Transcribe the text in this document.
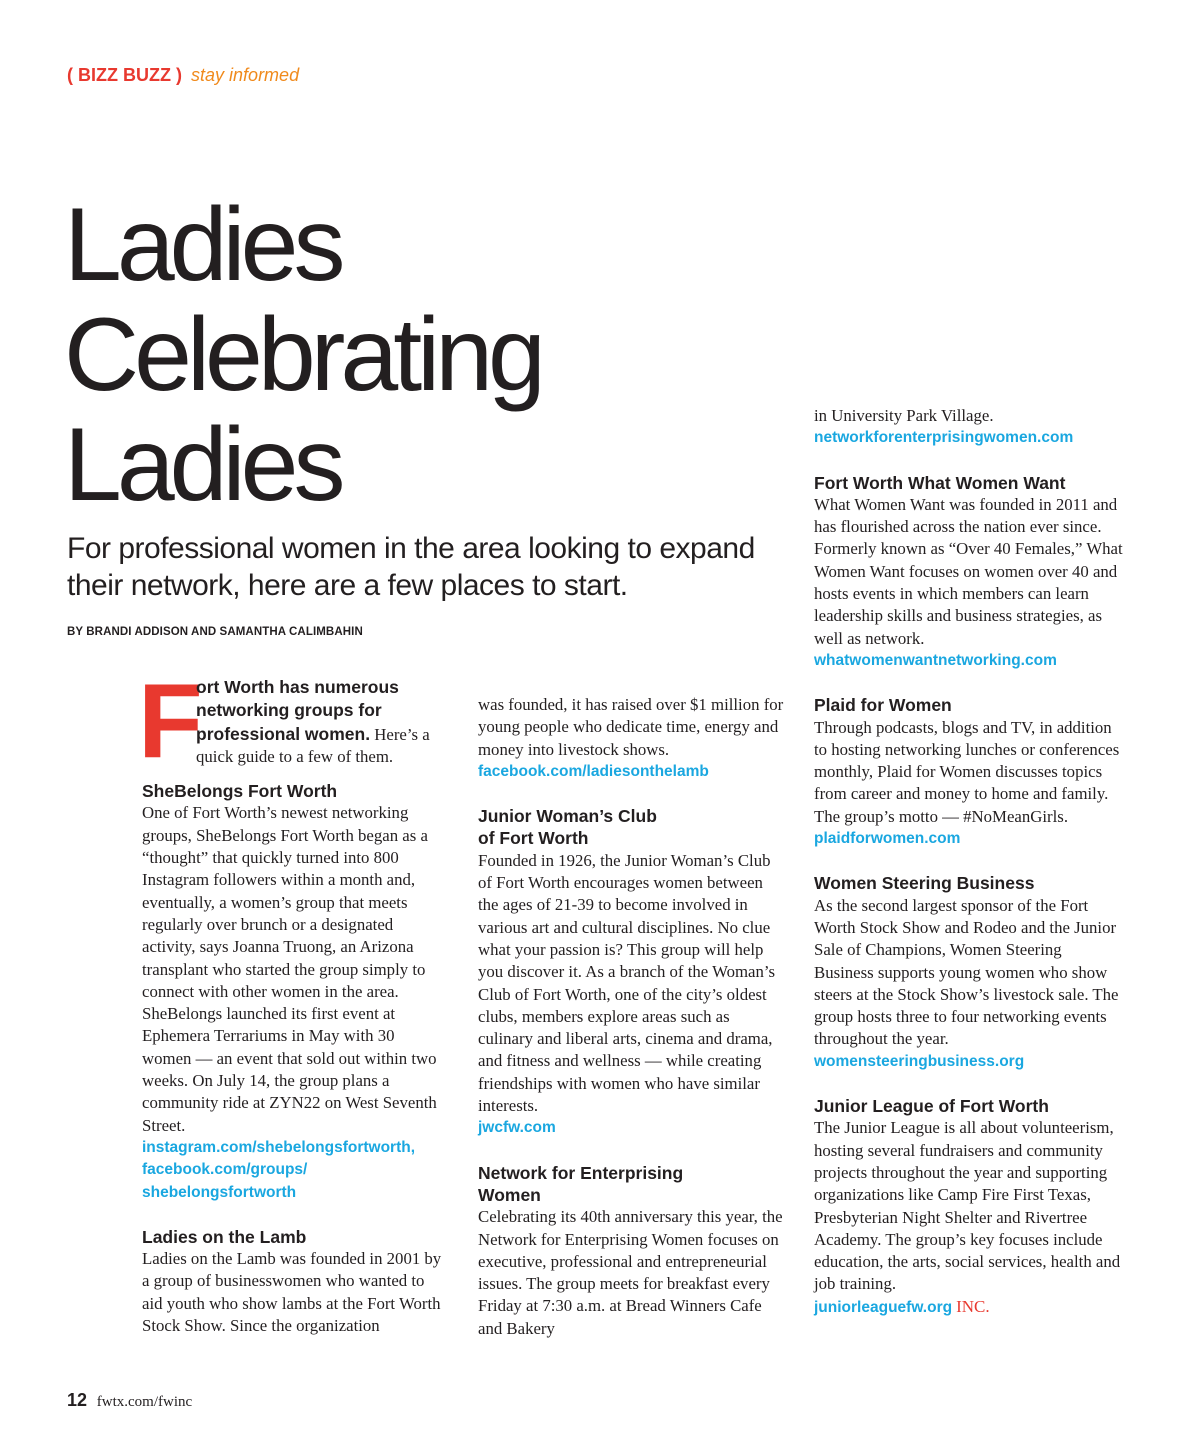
( BIZZ BUZZ ) stay informed
Ladies
Celebrating
Ladies
For professional women in the area looking to expand their network, here are a few places to start.
BY BRANDI ADDISON AND SAMANTHA CALIMBAHIN
F
ort Worth has numerous networking groups for professional women. Here’s a quick guide to a few of them.
SheBelongs Fort Worth

One of Fort Worth’s newest networking groups, SheBelongs Fort Worth began as a “thought” that quickly turned into 800 Instagram followers within a month and, eventually, a women’s group that meets regularly over brunch or a designated activity, says Joanna Truong, an Arizona transplant who started the group simply to connect with other women in the area. SheBelongs launched its first event at Ephemera Terrariums in May with 30 women — an event that sold out within two weeks. On July 14, the group plans a community ride at ZYN22 on West Seventh Street.

instagram.com/shebelongsfortworth,
facebook.com/groups/
shebelongsfortworth
Ladies on the Lamb

Ladies on the Lamb was founded in 2001 by a group of businesswomen who wanted to aid youth who show lambs at the Fort Worth Stock Show. Since the organization

was founded, it has raised over $1 million for young people who dedicate time, energy and money into livestock shows.

facebook.com/ladiesonthelamb
Junior Woman’s Club
of Fort Worth

Founded in 1926, the Junior Woman’s Club of Fort Worth encourages women between the ages of 21-39 to become involved in various art and cultural disciplines. No clue what your passion is? This group will help you discover it. As a branch of the Woman’s Club of Fort Worth, one of the city’s oldest clubs, members explore areas such as culinary and liberal arts, cinema and drama, and fitness and wellness — while creating friendships with women who have similar interests.

jwcfw.com
Network for Enterprising
Women

Celebrating its 40th anniversary this year, the Network for Enterprising Women focuses on executive, professional and entrepreneurial issues. The group meets for breakfast every Friday at 7:30 a.m. at Bread Winners Cafe and Bakery

in University Park Village.

networkforenterprisingwomen.com
Fort Worth What Women Want

What Women Want was founded in 2011 and has flourished across the nation ever since. Formerly known as “Over 40 Females,” What Women Want focuses on women over 40 and hosts events in which members can learn leadership skills and business strategies, as well as network.

whatwomenwantnetworking.com
Plaid for Women

Through podcasts, blogs and TV, in addition to hosting networking lunches or conferences monthly, Plaid for Women discusses topics from career and money to home and family. The group’s motto — #NoMeanGirls.

plaidforwomen.com
Women Steering Business

As the second largest sponsor of the Fort Worth Stock Show and Rodeo and the Junior Sale of Champions, Women Steering Business supports young women who show steers at the Stock Show’s livestock sale. The group hosts three to four networking events throughout the year.

womensteeringbusiness.org
Junior League of Fort Worth

The Junior League is all about volunteerism, hosting several fundraisers and community projects throughout the year and supporting organizations like Camp Fire First Texas, Presbyterian Night Shelter and Rivertree Academy. The group’s key focuses include education, the arts, social services, health and job training.

juniorleaguefw.org INC.
12 fwtx.com/fwinc
